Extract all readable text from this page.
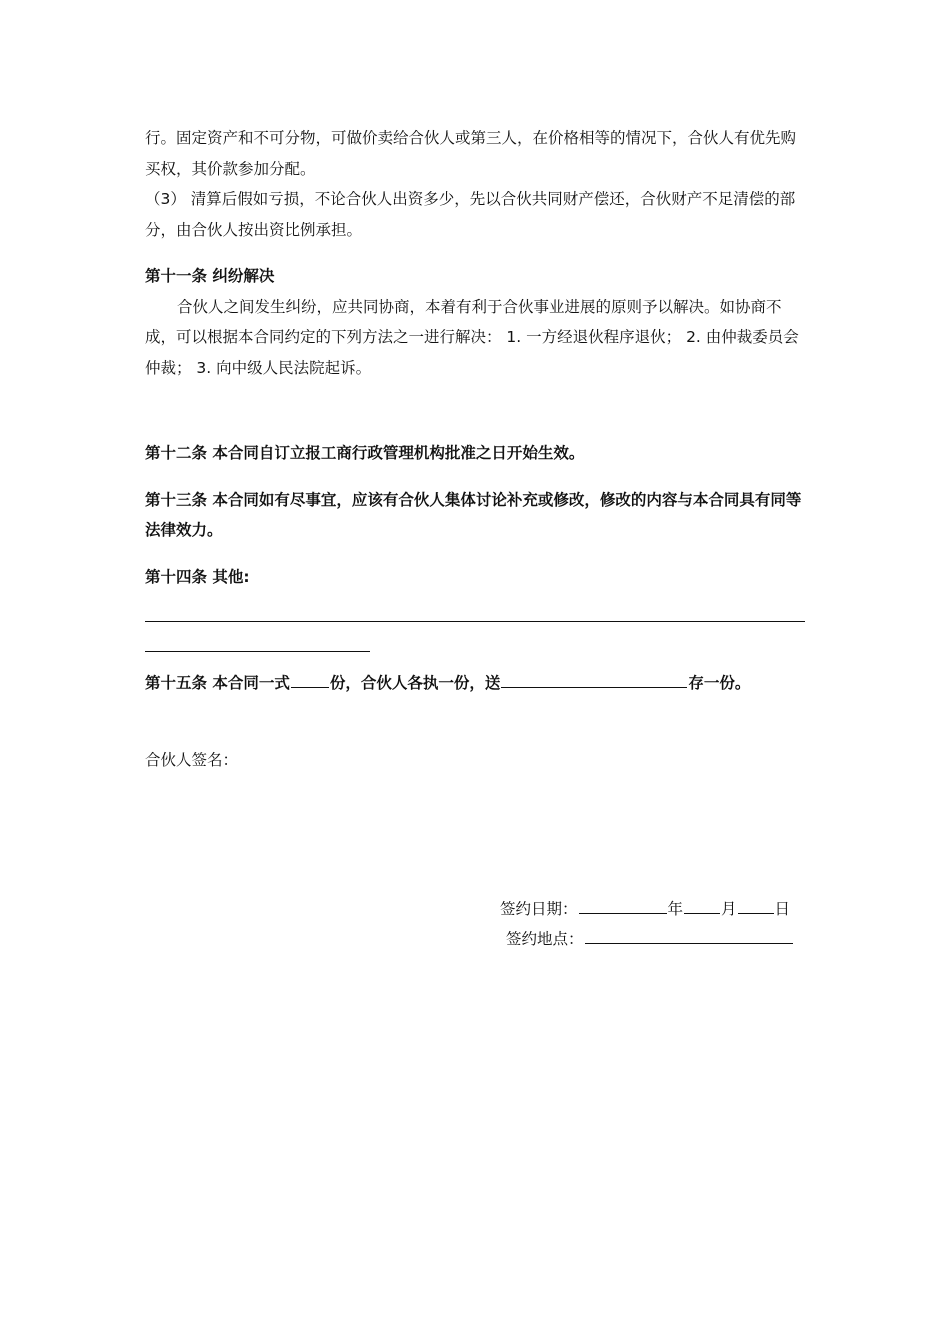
行。固定资产和不可分物，可做价卖给合伙人或第三人，在价格相等的情况下，合伙人有优先购买权，其价款参加分配。

（3） 清算后假如亏损，不论合伙人出资多少，先以合伙共同财产偿还，合伙财产不足清偿的部分，由合伙人按出资比例承担。

第十一条 纠纷解决

合伙人之间发生纠纷，应共同协商，本着有利于合伙事业进展的原则予以解决。如协商不成，可以根据本合同约定的下列方法之一进行解决： 1. 一方经退伙程序退伙； 2. 由仲裁委员会仲裁； 3. 向中级人民法院起诉。

第十二条 本合同自订立报工商行政管理机构批准之日开始生效。

第十三条 本合同如有尽事宜，应该有合伙人集体讨论补充或修改，修改的内容与本合同具有同等法律效力。

第十四条 其他:

第十五条 本合同一式	份，合伙人各执一份，送	存一份。

合伙人签名：

签约日期：	年 月 日
签约地点：
